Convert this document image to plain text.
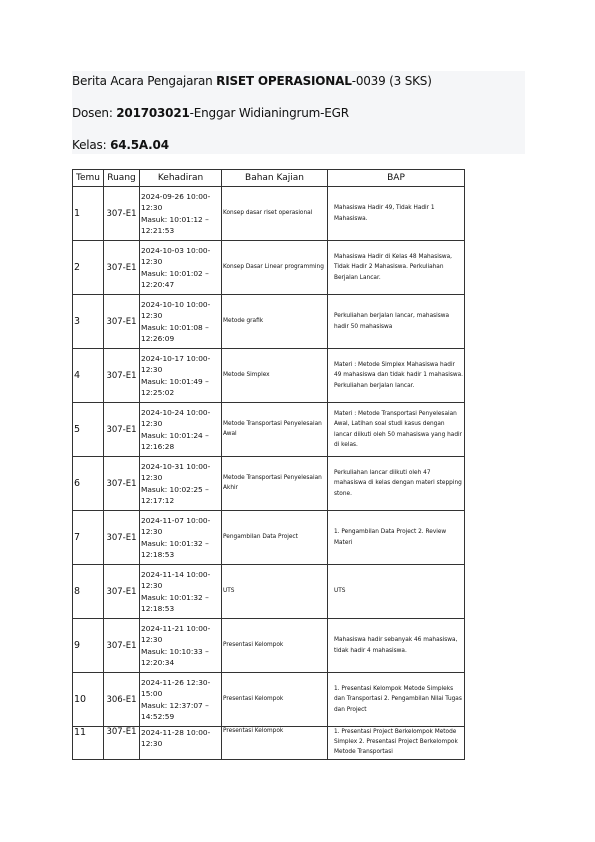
Berita Acara Pengajaran RISET OPERASIONAL-0039 (3 SKS)
Dosen: 201703021-Enggar Widianingrum-EGR
Kelas: 64.5A.04
Temu	Ruang	Kehadiran	Bahan Kajian	BAP
1	307-E1	2024-09-26 10:00-12:30
Masuk: 10:01:12 –
12:21:53	Konsep dasar riset operasional	Mahasiswa Hadir 49, Tidak Hadir 1 Mahasiswa.
2	307-E1	2024-10-03 10:00-12:30
Masuk: 10:01:02 –
12:20:47	Konsep Dasar Linear programming	Mahasiswa Hadir di Kelas 48 Mahasiswa, Tidak Hadir 2 Mahasiswa. Perkuliahan Berjalan Lancar.
3	307-E1	2024-10-10 10:00-12:30
Masuk: 10:01:08 –
12:26:09	Metode grafik	Perkuliahan berjalan lancar, mahasiswa hadir 50 mahasiswa
4	307-E1	2024-10-17 10:00-12:30
Masuk: 10:01:49 –
12:25:02	Metode Simplex	Materi : Metode Simplex Mahasiswa hadir 49 mahasiswa dan tidak hadir 1 mahasiswa. Perkuliahan berjalan lancar.
5	307-E1	2024-10-24 10:00-12:30
Masuk: 10:01:24 –
12:16:28	Metode Transportasi Penyelesaian Awal	Materi : Metode Transportasi Penyelesaian Awal, Latihan soal studi kasus dengan lancar diikuti oleh 50 mahasiswa yang hadir di kelas.
6	307-E1	2024-10-31 10:00-12:30
Masuk: 10:02:25 –
12:17:12	Metode Transportasi Penyelesaian Akhir	Perkuliahan lancar diikuti oleh 47 mahasiswa di kelas dengan materi stepping stone.
7	307-E1	2024-11-07 10:00-12:30
Masuk: 10:01:32 –
12:18:53	Pengambilan Data Project	1. Pengambilan Data Project 2. Review Materi
8	307-E1	2024-11-14 10:00-12:30
Masuk: 10:01:32 –
12:18:53	UTS	UTS
9	307-E1	2024-11-21 10:00-12:30
Masuk: 10:10:33 –
12:20:34	Presentasi Kelompok	Mahasiswa hadir sebanyak 46 mahasiswa, tidak hadir 4 mahasiswa.
10	306-E1	2024-11-26 12:30-15:00
Masuk: 12:37:07 –
14:52:59	Presentasi Kelompok	1. Presentasi Kelompok Metode Simpleks dan Transportasi 2. Pengambilan Nilai Tugas dan Project
11	307-E1	2024-11-28 10:00-12:30	Presentasi Kelompok	1. Presentasi Project Berkelompok Metode Simplex 2. Presentasi Project Berkelompok Metode Transportasi
